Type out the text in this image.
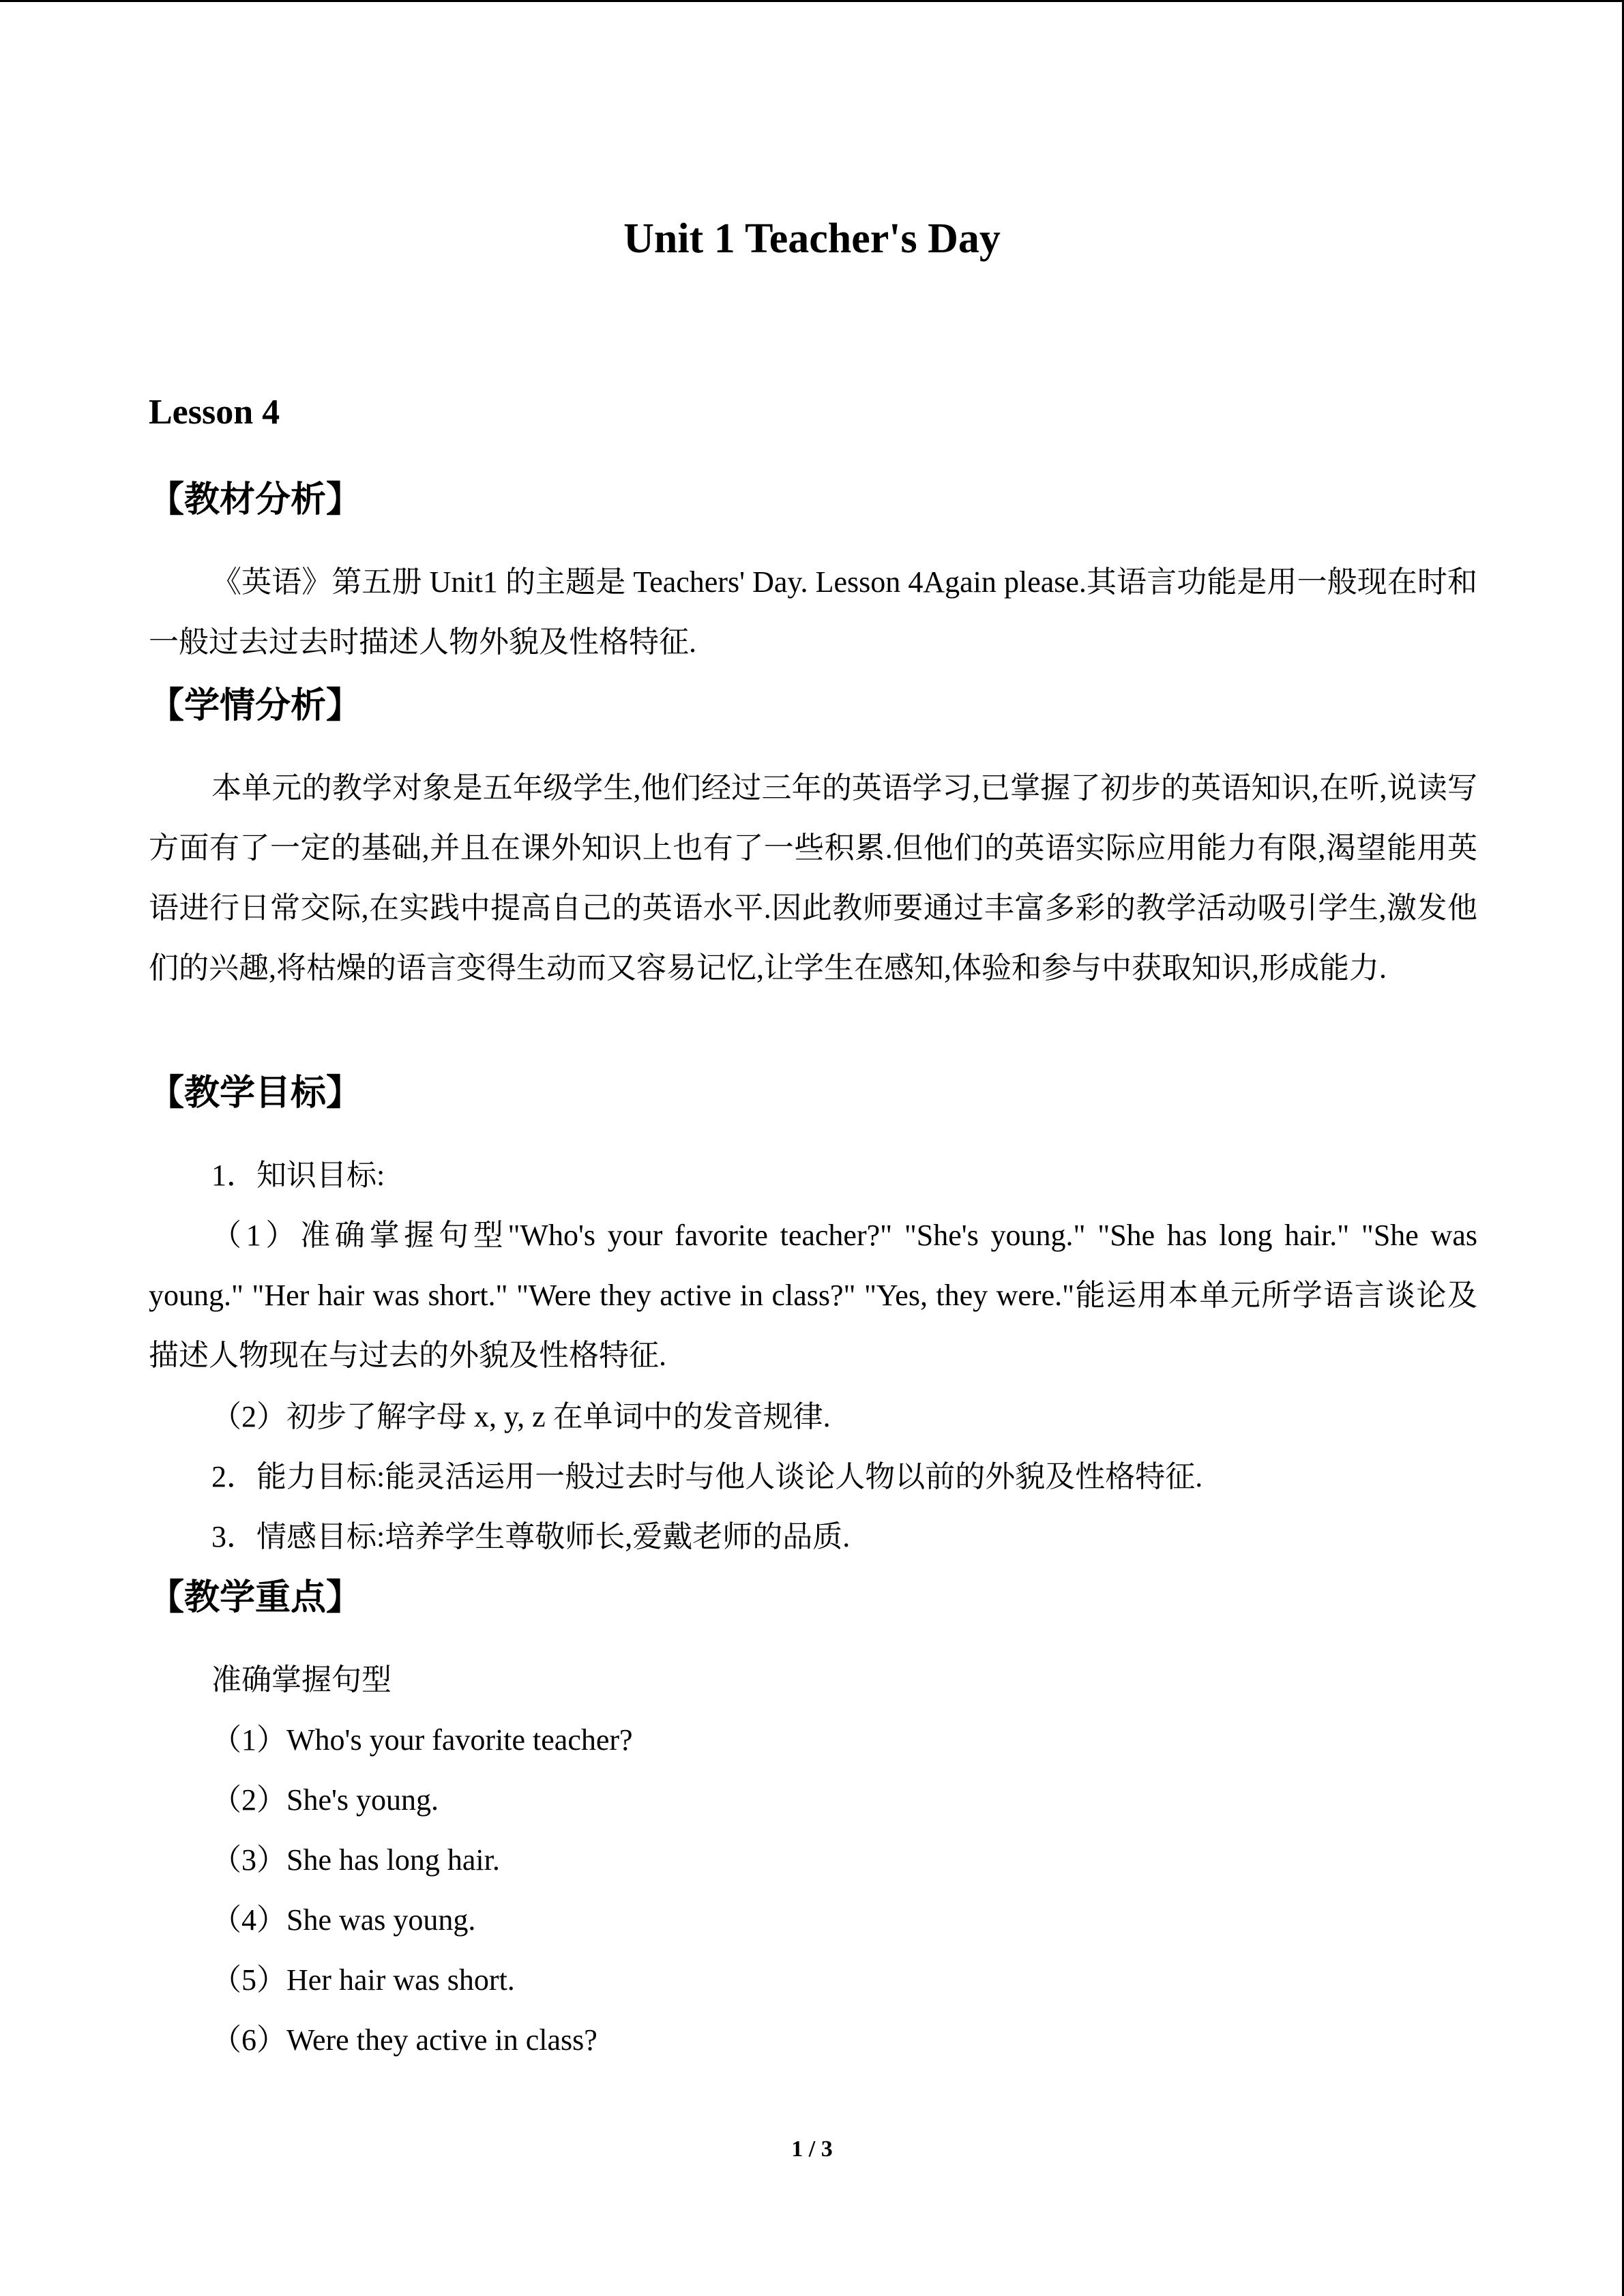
Unit 1 Teacher's Day
Lesson 4
【教材分析】
《英语》第五册 Unit1 的主题是 Teachers' Day. Lesson 4Again please.其语言功能是用一般现在时和一般过去过去时描述人物外貌及性格特征.
【学情分析】
本单元的教学对象是五年级学生,他们经过三年的英语学习,已掌握了初步的英语知识,在听,说读写方面有了一定的基础,并且在课外知识上也有了一些积累.但他们的英语实际应用能力有限,渴望能用英语进行日常交际,在实践中提高自己的英语水平.因此教师要通过丰富多彩的教学活动吸引学生,激发他们的兴趣,将枯燥的语言变得生动而又容易记忆,让学生在感知,体验和参与中获取知识,形成能力.
【教学目标】
1．知识目标:
（1）准确掌握句型"Who's your favorite teacher?" "She's young." "She has long hair." "She was young." "Her hair was short." "Were they active in class?" "Yes, they were."能运用本单元所学语言谈论及描述人物现在与过去的外貌及性格特征.
（2）初步了解字母 x, y, z 在单词中的发音规律.
2．能力目标:能灵活运用一般过去时与他人谈论人物以前的外貌及性格特征.
3．情感目标:培养学生尊敬师长,爱戴老师的品质.
【教学重点】
准确掌握句型
（1）Who's your favorite teacher?
（2）She's young.
（3）She has long hair.
（4）She was young.
（5）Her hair was short.
（6）Were they active in class?
1 / 3
